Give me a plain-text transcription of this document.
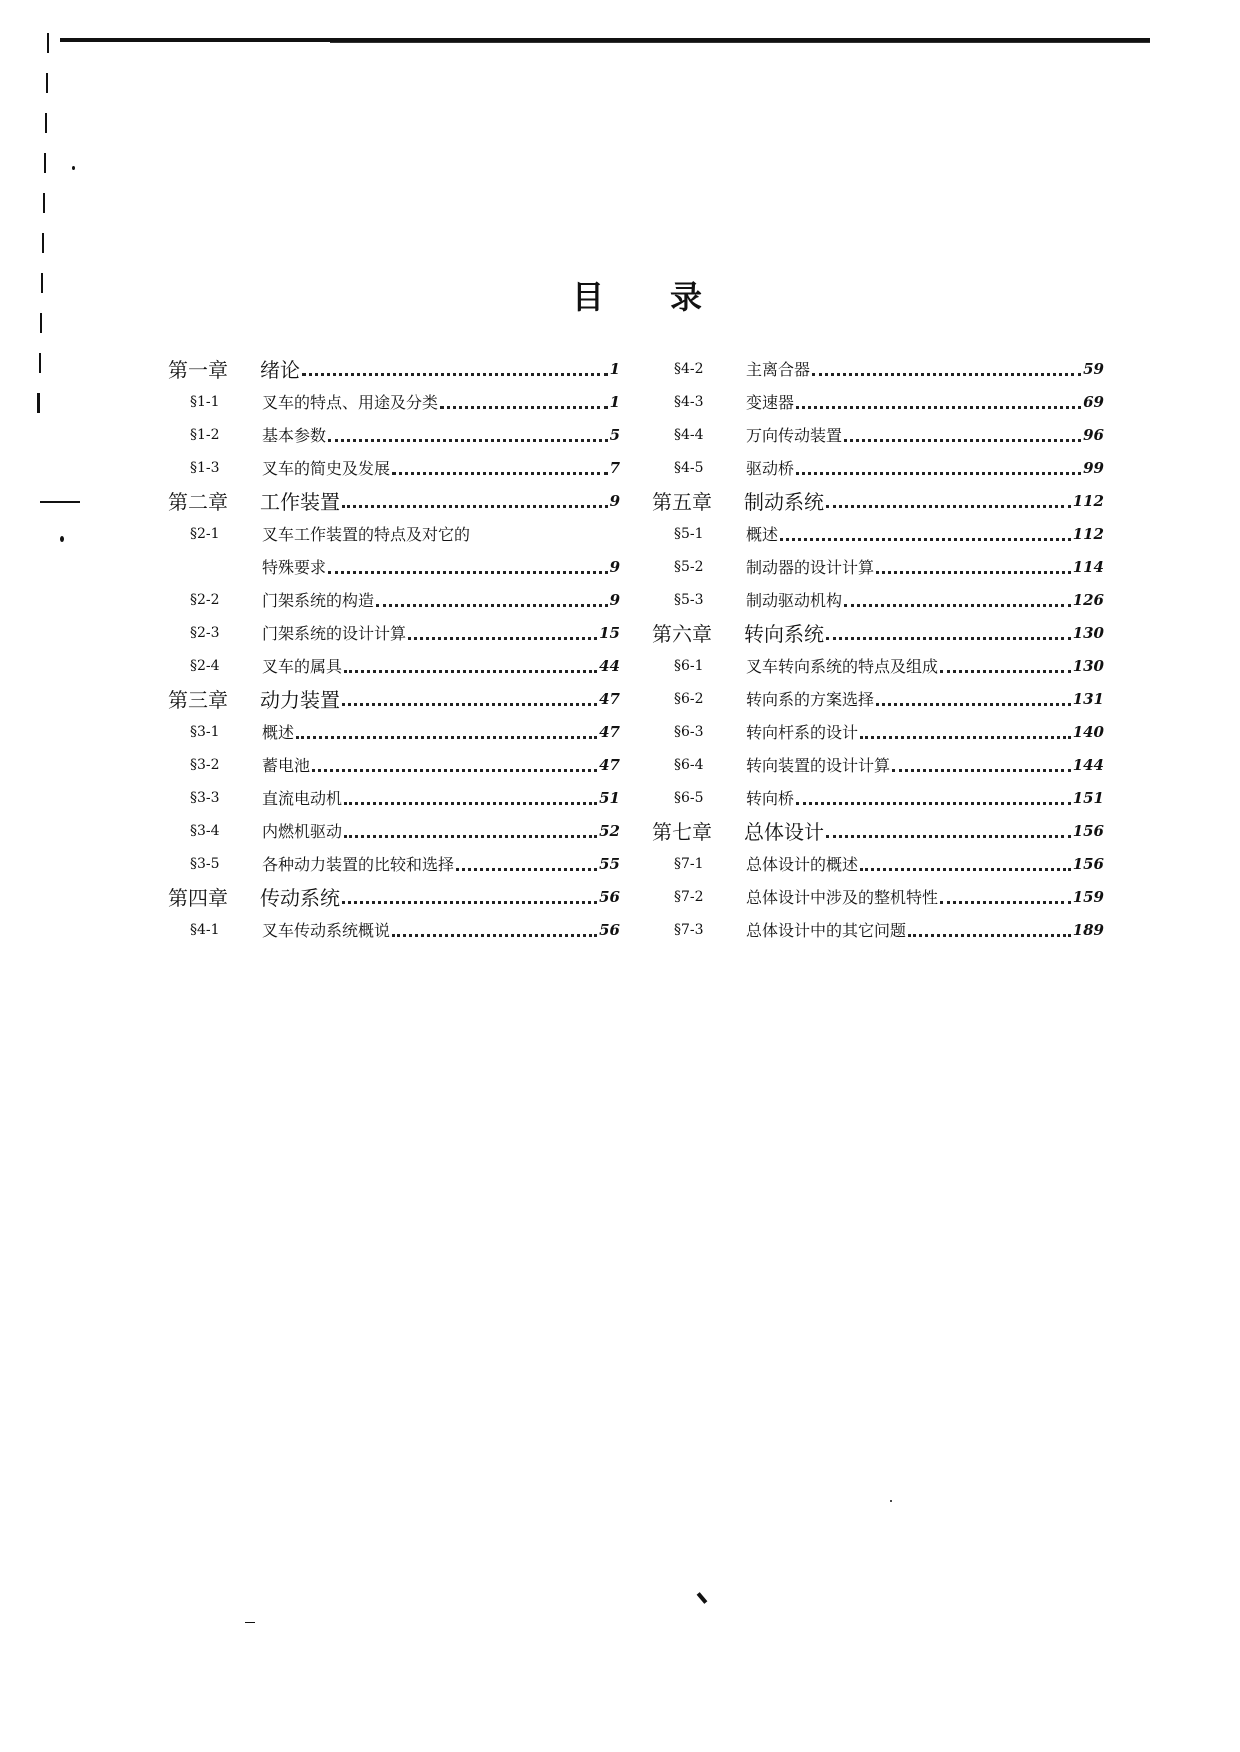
目 录
第一章	绪论	1
§1-1	叉车的特点、用途及分类	1
§1-2	基本参数	5
§1-3	叉车的简史及发展	7
第二章	工作装置	9
§2-1	叉车工作装置的特点及对它的
特殊要求	9
§2-2	门架系统的构造	9
§2-3	门架系统的设计计算	15
§2-4	叉车的属具	44
第三章	动力装置	47
§3-1	概述	47
§3-2	蓄电池	47
§3-3	直流电动机	51
§3-4	内燃机驱动	52
§3-5	各种动力装置的比较和选择	55
第四章	传动系统	56
§4-1	叉车传动系统概说	56
§4-2	主离合器	59
§4-3	变速器	69
§4-4	万向传动装置	96
§4-5	驱动桥	99
第五章	制动系统	112
§5-1	概述	112
§5-2	制动器的设计计算	114
§5-3	制动驱动机构	126
第六章	转向系统	130
§6-1	叉车转向系统的特点及组成	130
§6-2	转向系的方案选择	131
§6-3	转向杆系的设计	140
§6-4	转向装置的设计计算	144
§6-5	转向桥	151
第七章	总体设计	156
§7-1	总体设计的概述	156
§7-2	总体设计中涉及的整机特性	159
§7-3	总体设计中的其它问题	189
